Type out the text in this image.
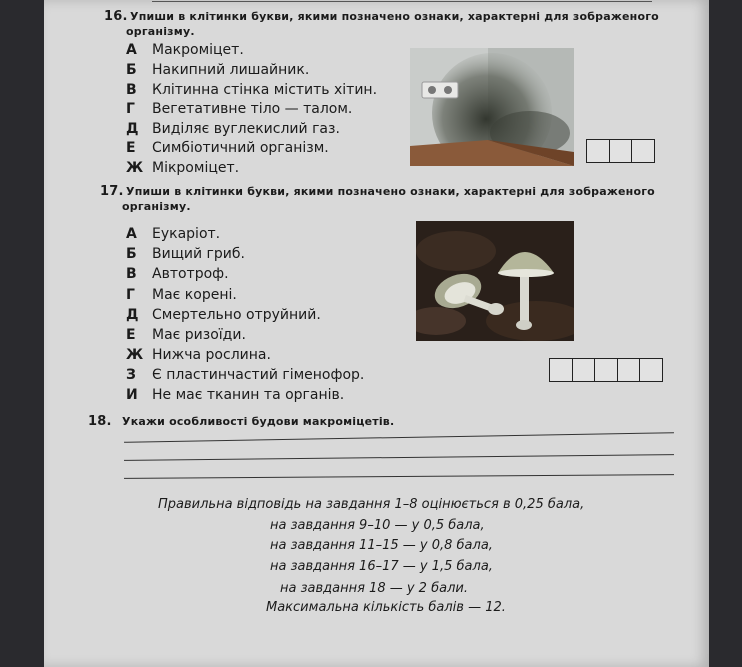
16. Упиши в клітинки букви, якими позначено ознаки, характерні для зображеного
організму.
А Макроміцет.
Б Накипний лишайник.
В Клітинна стінка містить хітин.
Г Вегетативне тіло — талом.
Д Виділяє вуглекислий газ.
Е Симбіотичний організм.
Ж Мікроміцет.
17. Упиши в клітинки букви, якими позначено ознаки, характерні для зображеного
організму.
А Еукаріот.
Б Вищий гриб.
В Автотроф.
Г Має корені.
Д Смертельно отруйний.
Е Має ризоїди.
Ж Нижча рослина.
З Є пластинчастий гіменофор.
И Не має тканин та органів.
18. Укажи особливості будови макроміцетів.
Правильна відповідь на завдання 1–8 оцінюється в 0,25 бала,
на завдання 9–10 — у 0,5 бала,
на завдання 11–15 — у 0,8 бала,
на завдання 16–17 — у 1,5 бала,
на завдання 18 — у 2 бали.
Максимальна кількість балів — 12.
